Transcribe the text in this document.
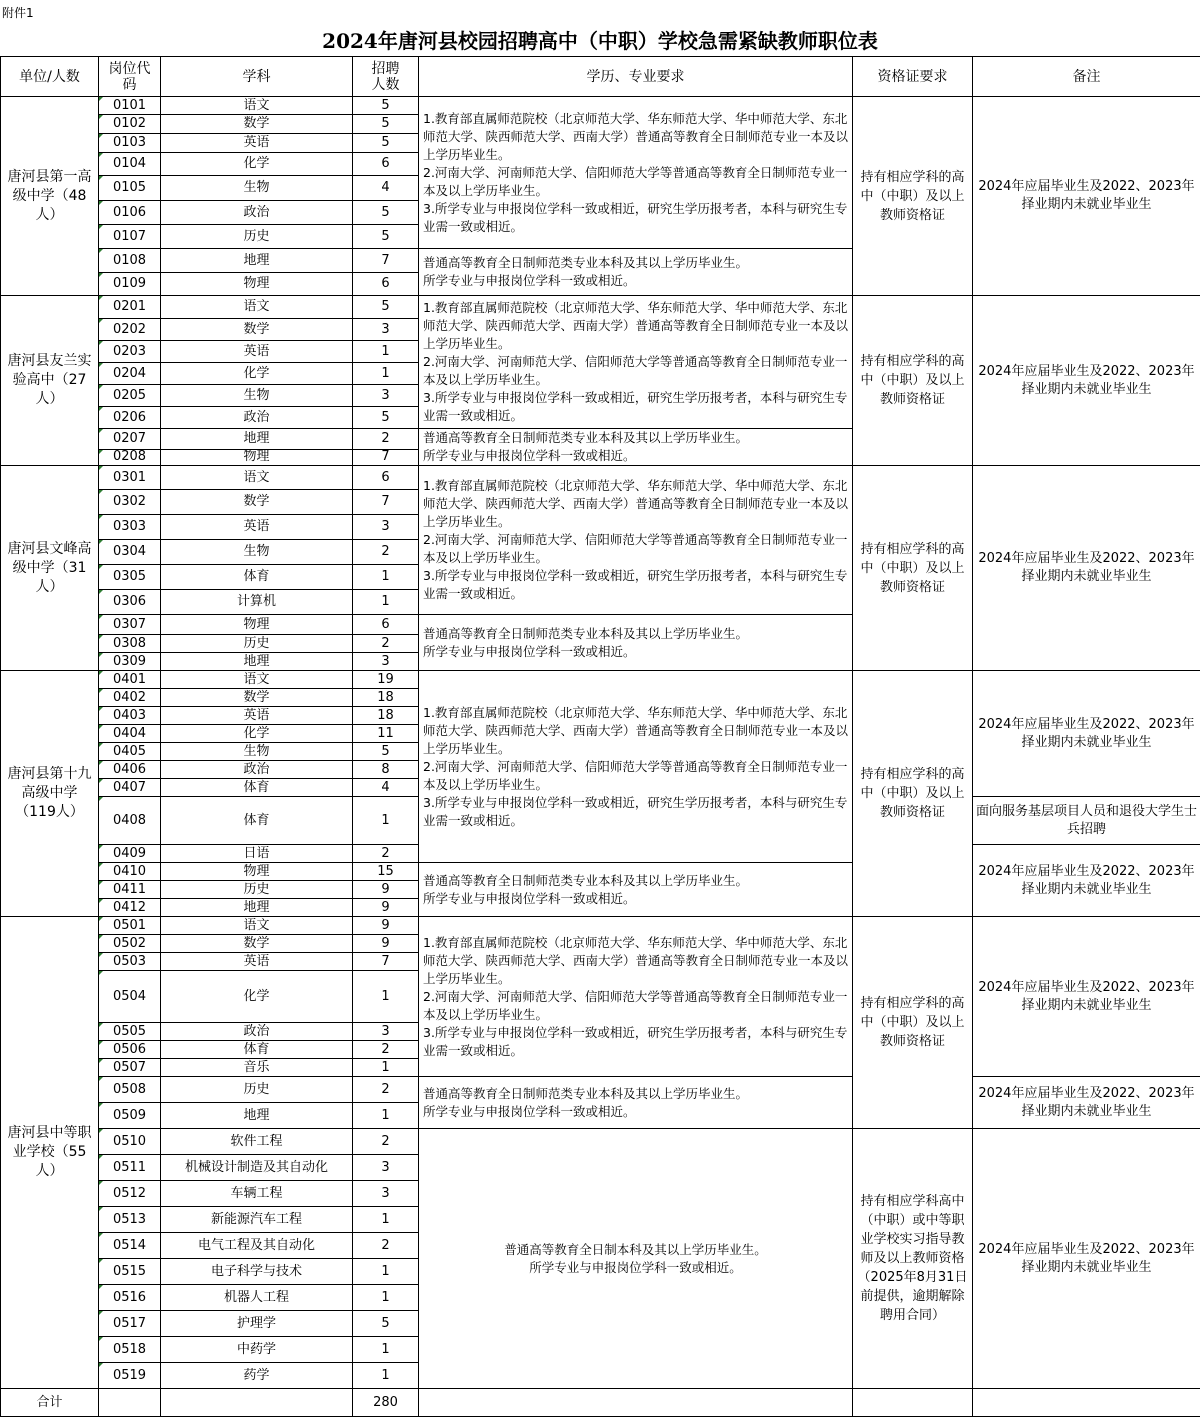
附件1
2024年唐河县校园招聘高中（中职）学校急需紧缺教师职位表
单位/人数	岗位代码	学科	招聘人数	学历、专业要求	资格证要求	备注
唐河县第一高级中学（48人）	0101	语文	5	1.教育部直属师范院校（北京师范大学、华东师范大学、华中师范大学、东北师范大学、陕西师范大学、西南大学）普通高等教育全日制师范专业一本及以上学历毕业生。
2.河南大学、河南师范大学、信阳师范大学等普通高等教育全日制师范专业一本及以上学历毕业生。
3.所学专业与申报岗位学科一致或相近，研究生学历报考者，本科与研究生专业需一致或相近。	持有相应学科的高中（中职）及以上教师资格证	2024年应届毕业生及2022、2023年择业期内未就业毕业生
	0102	数学	5			
	0103	英语	5			
	0104	化学	6			
	0105	生物	4			
	0106	政治	5			
	0107	历史	5			
	0108	地理	7	普通高等教育全日制师范类专业本科及其以上学历毕业生。
所学专业与申报岗位学科一致或相近。		
	0109	物理	6			
唐河县友兰实验高中（27人）	0201	语文	5	1.教育部直属师范院校（北京师范大学、华东师范大学、华中师范大学、东北师范大学、陕西师范大学、西南大学）普通高等教育全日制师范专业一本及以上学历毕业生。
2.河南大学、河南师范大学、信阳师范大学等普通高等教育全日制师范专业一本及以上学历毕业生。
3.所学专业与申报岗位学科一致或相近，研究生学历报考者，本科与研究生专业需一致或相近。	持有相应学科的高中（中职）及以上教师资格证	2024年应届毕业生及2022、2023年择业期内未就业毕业生
	0202	数学	3			
	0203	英语	1			
	0204	化学	1			
	0205	生物	3			
	0206	政治	5			
	0207	地理	2	普通高等教育全日制师范类专业本科及其以上学历毕业生。
所学专业与申报岗位学科一致或相近。		
	0208	物理	7			
唐河县文峰高级中学（31人）	0301	语文	6	1.教育部直属师范院校（北京师范大学、华东师范大学、华中师范大学、东北师范大学、陕西师范大学、西南大学）普通高等教育全日制师范专业一本及以上学历毕业生。
2.河南大学、河南师范大学、信阳师范大学等普通高等教育全日制师范专业一本及以上学历毕业生。
3.所学专业与申报岗位学科一致或相近，研究生学历报考者，本科与研究生专业需一致或相近。	持有相应学科的高中（中职）及以上教师资格证	2024年应届毕业生及2022、2023年择业期内未就业毕业生
	0302	数学	7			
	0303	英语	3			
	0304	生物	2			
	0305	体育	1			
	0306	计算机	1			
	0307	物理	6	普通高等教育全日制师范类专业本科及其以上学历毕业生。
所学专业与申报岗位学科一致或相近。		
	0308	历史	2			
	0309	地理	3			
唐河县第十九高级中学（119人）	0401	语文	19	1.教育部直属师范院校（北京师范大学、华东师范大学、华中师范大学、东北师范大学、陕西师范大学、西南大学）普通高等教育全日制师范专业一本及以上学历毕业生。
2.河南大学、河南师范大学、信阳师范大学等普通高等教育全日制师范专业一本及以上学历毕业生。
3.所学专业与申报岗位学科一致或相近，研究生学历报考者，本科与研究生专业需一致或相近。	持有相应学科的高中（中职）及以上教师资格证	2024年应届毕业生及2022、2023年择业期内未就业毕业生
	0402	数学	18			
	0403	英语	18			
	0404	化学	11			
	0405	生物	5			
	0406	政治	8			
	0407	体育	4			
	0408	体育	1			面向服务基层项目人员和退役大学生士兵招聘
	0409	日语	2			2024年应届毕业生及2022、2023年择业期内未就业毕业生
	0410	物理	15	普通高等教育全日制师范类专业本科及其以上学历毕业生。
所学专业与申报岗位学科一致或相近。		
	0411	历史	9			
	0412	地理	9			
唐河县中等职业学校（55人）	0501	语文	9	1.教育部直属师范院校（北京师范大学、华东师范大学、华中师范大学、东北师范大学、陕西师范大学、西南大学）普通高等教育全日制师范专业一本及以上学历毕业生。
2.河南大学、河南师范大学、信阳师范大学等普通高等教育全日制师范专业一本及以上学历毕业生。
3.所学专业与申报岗位学科一致或相近，研究生学历报考者，本科与研究生专业需一致或相近。	持有相应学科的高中（中职）及以上教师资格证	2024年应届毕业生及2022、2023年择业期内未就业毕业生
	0502	数学	9			
	0503	英语	7			
	0504	化学	1			
	0505	政治	3			
	0506	体育	2			
	0507	音乐	1			
	0508	历史	2	普通高等教育全日制师范类专业本科及其以上学历毕业生。
所学专业与申报岗位学科一致或相近。		2024年应届毕业生及2022、2023年择业期内未就业毕业生
	0509	地理	1			
	0510	软件工程	2	普通高等教育全日制本科及其以上学历毕业生。
所学专业与申报岗位学科一致或相近。	持有相应学科高中（中职）或中等职业学校实习指导教师及以上教师资格（2025年8月31日前提供，逾期解除聘用合同）	2024年应届毕业生及2022、2023年择业期内未就业毕业生
	0511	机械设计制造及其自动化	3			
	0512	车辆工程	3			
	0513	新能源汽车工程	1			
	0514	电气工程及其自动化	2			
	0515	电子科学与技术	1			
	0516	机器人工程	1			
	0517	护理学	5			
	0518	中药学	1			
	0519	药学	1			
合计			280			
